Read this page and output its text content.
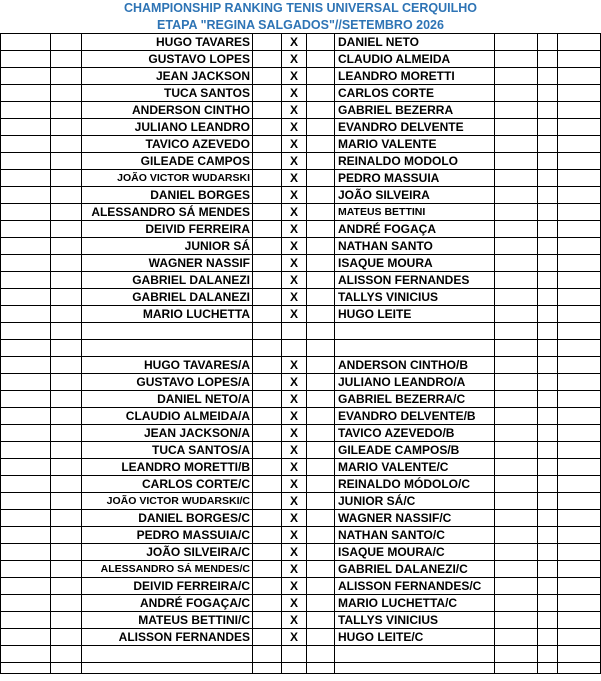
CHAMPIONSHIP RANKING TENIS UNIVERSAL CERQUILHO
ETAPA "REGINA SALGADOS"//SETEMBRO 2026
		HUGO TAVARES		X		DANIEL NETO			
		GUSTAVO LOPES		X		CLAUDIO ALMEIDA			
		JEAN JACKSON		X		LEANDRO MORETTI			
		TUCA SANTOS		X		CARLOS CORTE			
		ANDERSON CINTHO		X		GABRIEL BEZERRA			
		JULIANO LEANDRO		X		EVANDRO DELVENTE			
		TAVICO AZEVEDO		X		MARIO VALENTE			
		GILEADE CAMPOS		X		REINALDO MODOLO			
		JOÃO VICTOR WUDARSKI		X		PEDRO MASSUIA			
		DANIEL BORGES		X		JOÃO SILVEIRA			
		ALESSANDRO SÁ MENDES		X		MATEUS BETTINI			
		DEIVID FERREIRA		X		ANDRÉ FOGAÇA			
		JUNIOR SÁ		X		NATHAN SANTO			
		WAGNER NASSIF		X		ISAQUE MOURA			
		GABRIEL DALANEZI		X		ALISSON FERNANDES			
		GABRIEL DALANEZI		X		TALLYS VINICIUS			
		MARIO LUCHETTA		X		HUGO LEITE			

		HUGO TAVARES/A		X		ANDERSON CINTHO/B			
		GUSTAVO LOPES/A		X		JULIANO LEANDRO/A			
		DANIEL NETO/A		X		GABRIEL BEZERRA/C			
		CLAUDIO ALMEIDA/A		X		EVANDRO DELVENTE/B			
		JEAN JACKSON/A		X		TAVICO AZEVEDO/B			
		TUCA SANTOS/A		X		GILEADE CAMPOS/B			
		LEANDRO MORETTI/B		X		MARIO VALENTE/C			
		CARLOS CORTE/C		X		REINALDO MÓDOLO/C			
		JOÃO VICTOR WUDARSKI/C		X		JUNIOR SÁ/C			
		DANIEL BORGES/C		X		WAGNER NASSIF/C			
		PEDRO MASSUIA/C		X		NATHAN SANTO/C			
		JOÃO SILVEIRA/C		X		ISAQUE MOURA/C			
		ALESSANDRO SÁ MENDES/C		X		GABRIEL DALANEZI/C			
		DEIVID FERREIRA/C		X		ALISSON FERNANDES/C			
		ANDRÉ FOGAÇA/C		X		MARIO LUCHETTA/C			
		MATEUS BETTINI/C		X		TALLYS VINICIUS			
		ALISSON FERNANDES		X		HUGO LEITE/C			
